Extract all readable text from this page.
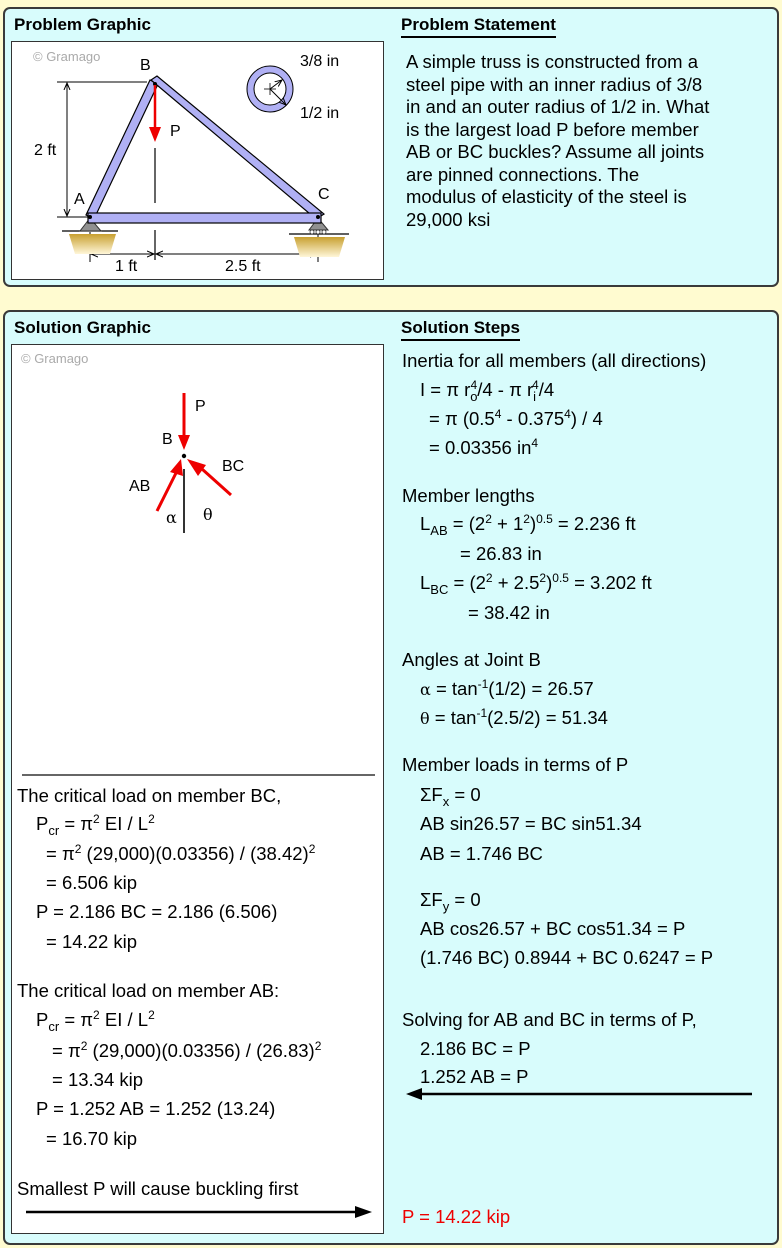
Problem Graphic
© Gramago
B
A	C
P
2 ft
1 ft	2.5 ft
3/8 in
1/2 in
Problem Statement
A simple truss is constructed from a
steel pipe with an inner radius of 3/8
in and an outer radius of 1/2 in. What
is the largest load P before member
AB or BC buckles? Assume all joints
are pinned connections. The
modulus of elasticity of the steel is
29,000 ksi
Solution Graphic
© Gramago
P
B
BC
AB
α θ
The critical load on member BC,
$P_{cr} = \pi^2$ EI / $L^2$
= $\pi^2$ $(29,000)(0.03356) / (38.42)^2$
= 6.506 kip
P = 2.186 BC = 2.186 (6.506)
= 14.22 kip
The critical load on member AB:
$P_{cr} = \pi^2$ EI / $L^2$
= $\pi^2$ $(29,000)(0.03356) / (26.83)^2$
= 13.34 kip
P = 1.252 AB = 1.252 (13.24)
= 16.70 kip
Smallest P will cause buckling first
Solution Steps
Inertia for all members (all directions)
I = π $r_o^4/4$ - π $r_i^4/4$
= π $(0.5^4 - 0.375^4) / 4$
= 0.03356 $in^4$
Member lengths
$L_{AB} = (2^2 + 1^2)^{0.5} = 2.236$ ft
= 26.83 in
$L_{BC} = (2^2 + 2.5^2)^{0.5} = 3.202$ ft
= 38.42 in
Angles at Joint B
$\alpha = \tan^{-1}(1/2) = 26.57$
$\theta = \tan^{-1}(2.5/2) = 51.34$
Member loads in terms of P
$\Sigma F_x = 0$
AB sin26.57 = BC sin51.34
AB = 1.746 BC
$\Sigma F_y = 0$
AB cos26.57 + BC cos51.34 = P
(1.746 BC) 0.8944 + BC 0.6247 = P
Solving for AB and BC in terms of P,
2.186 BC = P
1.252 AB = P
P = 14.22 kip
